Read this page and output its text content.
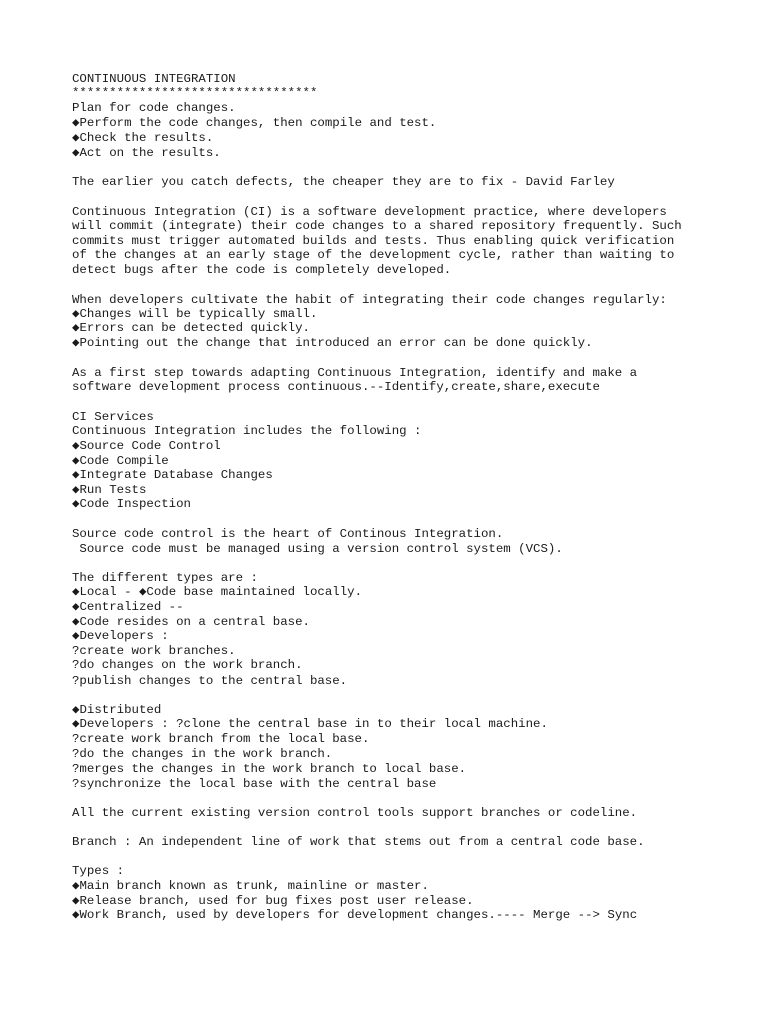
CONTINUOUS INTEGRATION

*********************************

Plan for code changes.

◆Perform the code changes, then compile and test.

◆Check the results.

◆Act on the results.

The earlier you catch defects, the cheaper they are to fix - David Farley

Continuous Integration (CI) is a software development practice, where developers

will commit (integrate) their code changes to a shared repository frequently. Such

commits must trigger automated builds and tests. Thus enabling quick verification

of the changes at an early stage of the development cycle, rather than waiting to

detect bugs after the code is completely developed.

When developers cultivate the habit of integrating their code changes regularly:

◆Changes will be typically small.

◆Errors can be detected quickly.

◆Pointing out the change that introduced an error can be done quickly.

As a first step towards adapting Continuous Integration, identify and make a

software development process continuous.--Identify,create,share,execute

CI Services

Continuous Integration includes the following :

◆Source Code Control

◆Code Compile

◆Integrate Database Changes

◆Run Tests

◆Code Inspection

Source code control is the heart of Continous Integration.

Source code must be managed using a version control system (VCS).

The different types are :

◆Local - ◆Code base maintained locally.

◆Centralized --

◆Code resides on a central base.

◆Developers :

?create work branches.

?do changes on the work branch.

?publish changes to the central base.

◆Distributed

◆Developers : ?clone the central base in to their local machine.

?create work branch from the local base.

?do the changes in the work branch.

?merges the changes in the work branch to local base.

?synchronize the local base with the central base

All the current existing version control tools support branches or codeline.

Branch : An independent line of work that stems out from a central code base.

Types :

◆Main branch known as trunk, mainline or master.

◆Release branch, used for bug fixes post user release.

◆Work Branch, used by developers for development changes.---- Merge --> Sync
